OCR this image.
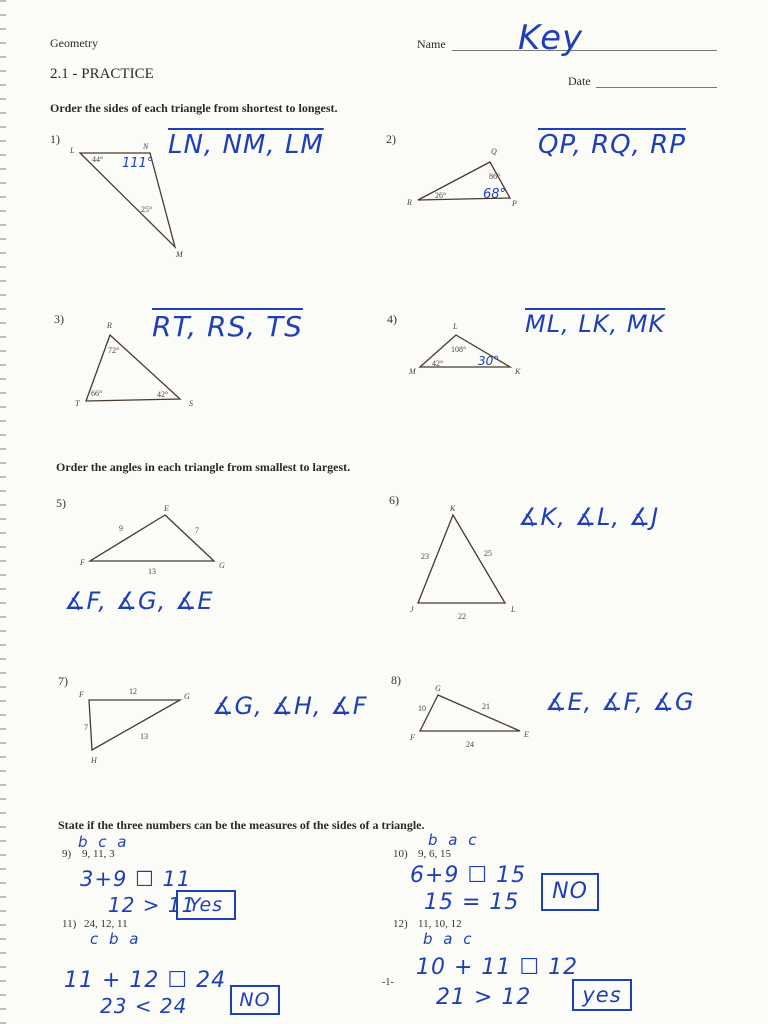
Geometry	Name Key
2.1 - PRACTICE	Date
Order the sides of each triangle from shortest to longest.
1)
L	N
M
44° 111°
25°
LN, NM, LM	2)
Q
R	P
86°
26°	68°
QP, RQ, RP
3)	R
T	S
72°
66°	42°
RT, RS, TS	4)
L
M	K
108°
42°	30°
ML, LK, MK
Order the angles in each triangle from smallest to largest.
5)	E
F	G
9	7
13
∡F, ∡G, ∡E
6)
K
J	L
23	25
22
∡K, ∡L, ∡J
7)
F	G
H
12
7
13
∡G, ∡H, ∡F
8)
G
F	E
10	21
24
∡E, ∡F, ∡G
State if the three numbers can be the measures of the sides of a triangle.
b c a
9) 9, 11, 3
3+9 ☐ 11
12 > 11
Yes
b a c
10) 9, 6, 15
6+9 ☐ 15
15 = 15	NO
11) 24, 12, 11
c b a
11 + 12 ☐ 24
23 < 24	NO
12) 11, 10, 12
b a c
10 + 11 ☐ 12
21 > 12	yes
-1-
